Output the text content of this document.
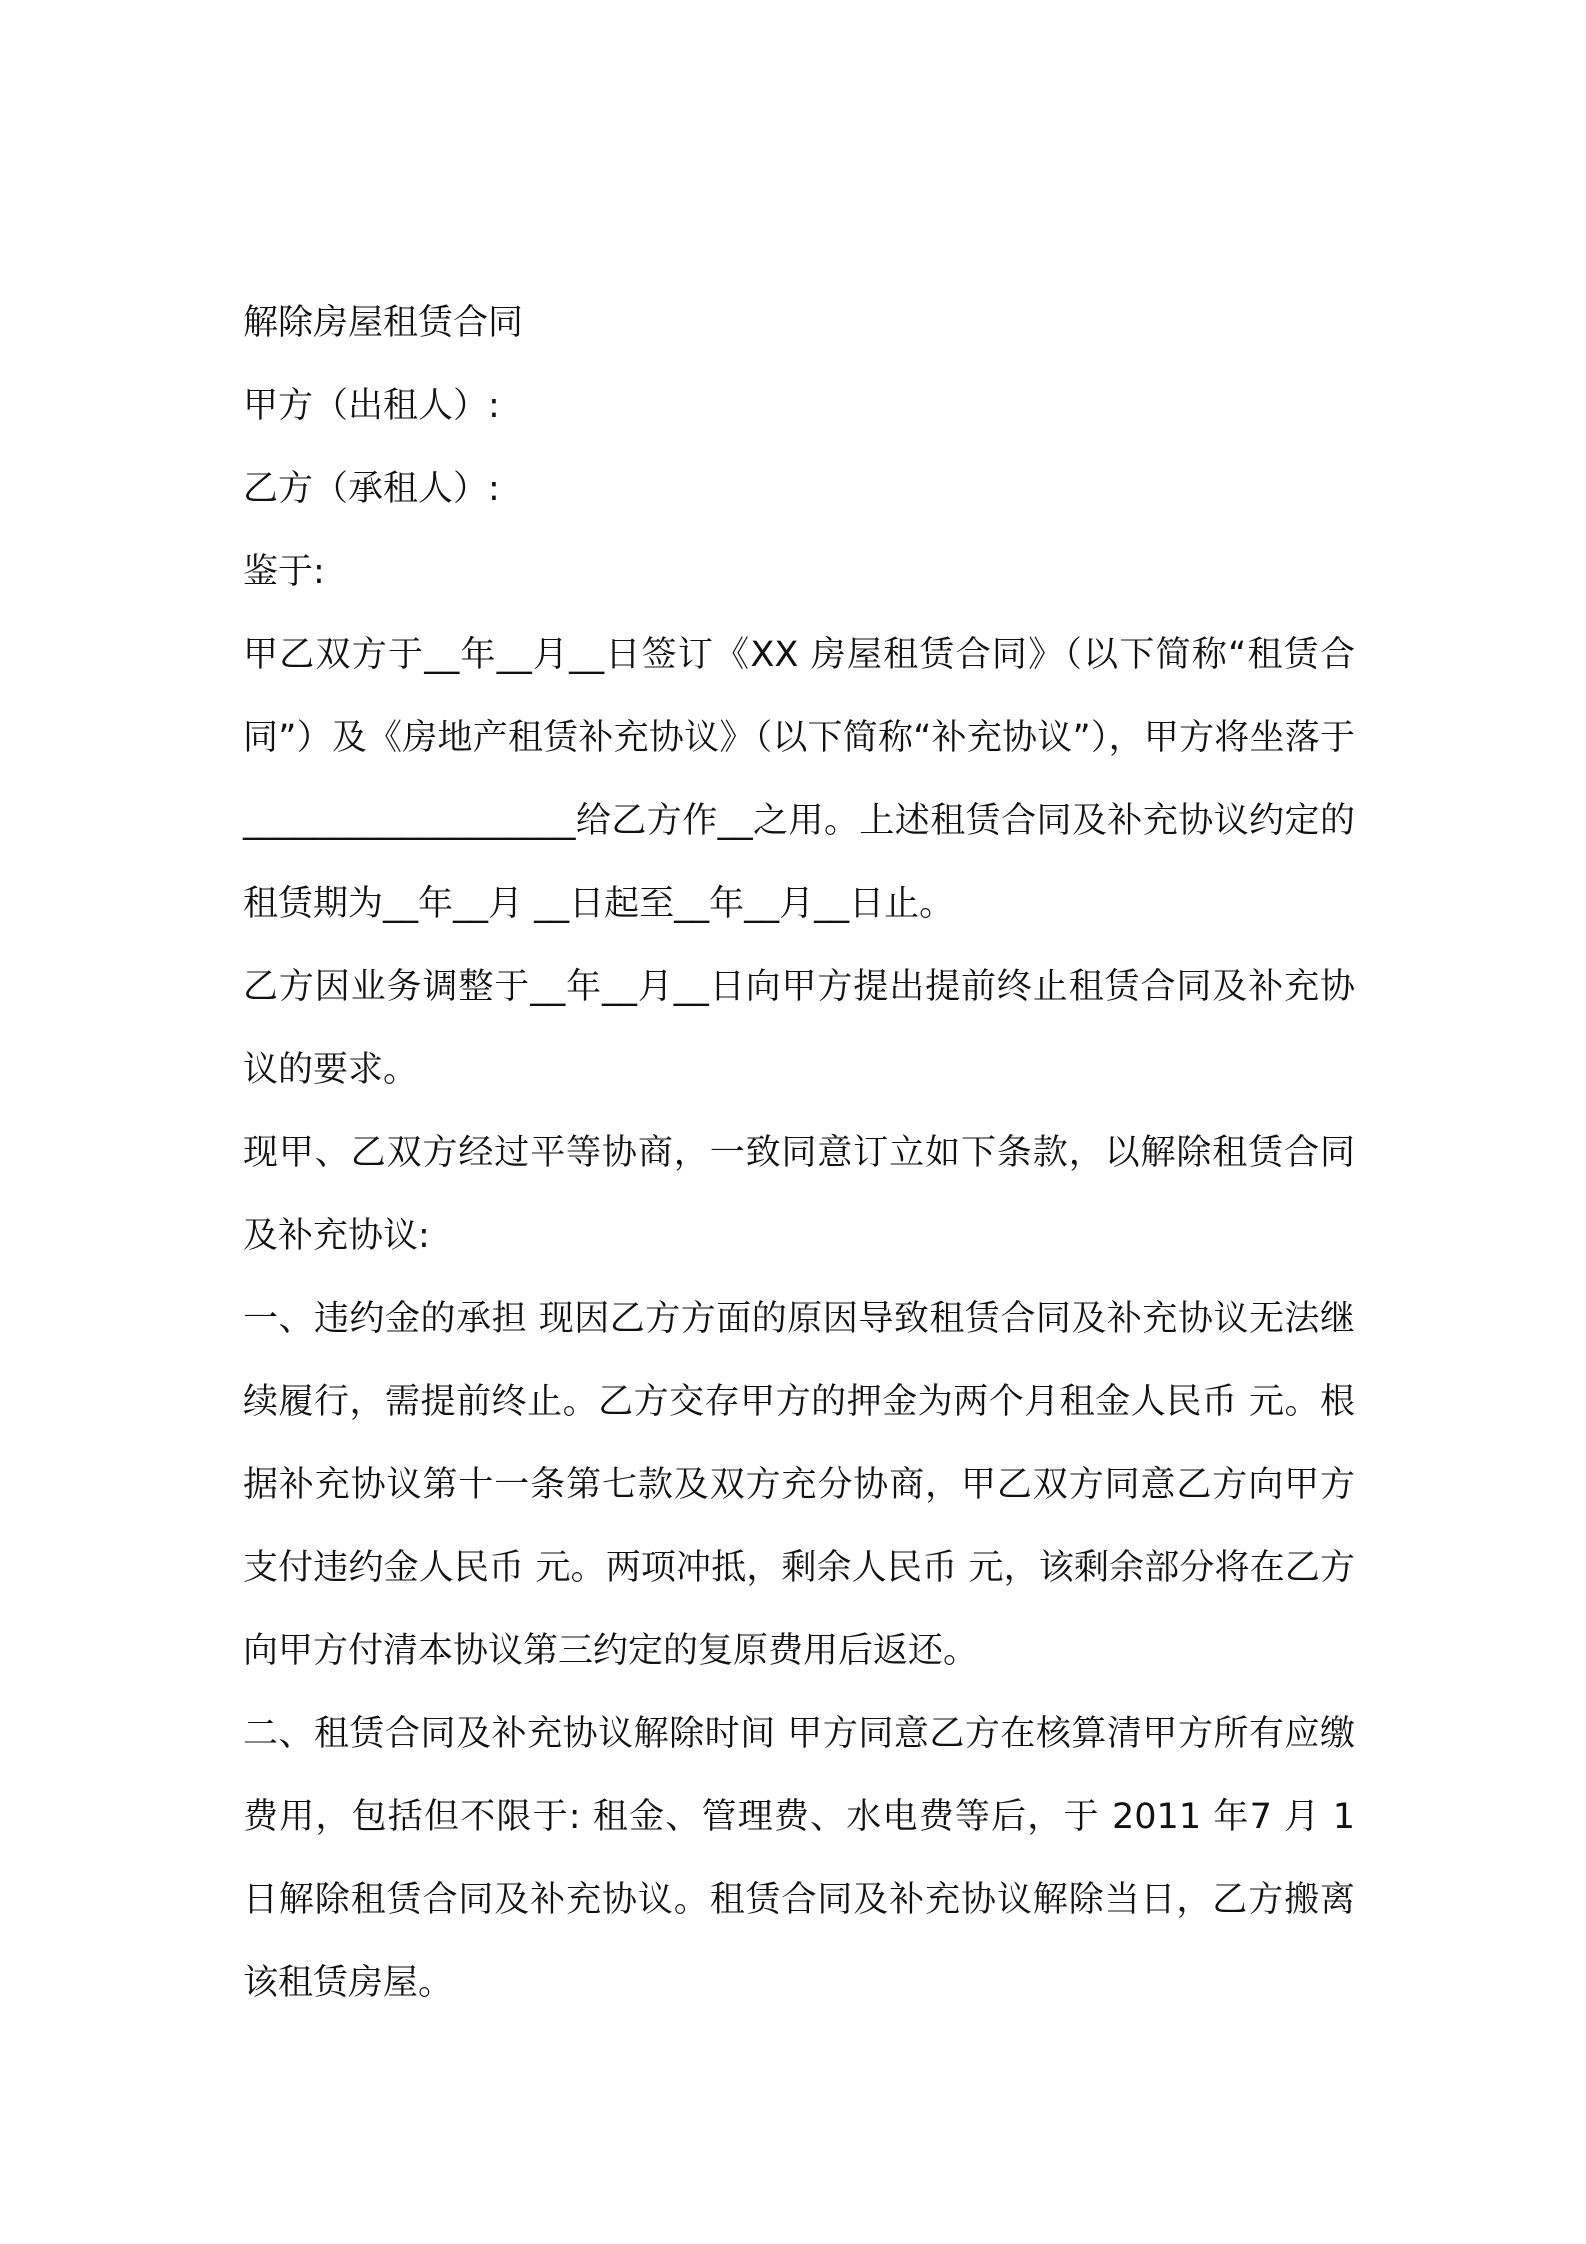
解除房屋租赁合同

甲方（出租人）:

乙方（承租人）:

鉴于:

甲乙双方于__年__月__日签订《XX 房屋租赁合同》（以下简称“租赁合同”）及《房地产租赁补充协议》（以下简称“补充协议”），甲方将坐落于___________________给乙方作__之用。上述租赁合同及补充协议约定的租赁期为__年__月 __日起至__年__月__日止。

乙方因业务调整于__年__月__日向甲方提出提前终止租赁合同及补充协议的要求。

现甲、乙双方经过平等协商，一致同意订立如下条款，以解除租赁合同及补充协议:

一、违约金的承担 现因乙方方面的原因导致租赁合同及补充协议无法继续履行，需提前终止。乙方交存甲方的押金为两个月租金人民币 元。根据补充协议第十一条第七款及双方充分协商，甲乙双方同意乙方向甲方支付违约金人民币 元。两项冲抵，剩余人民币 元，该剩余部分将在乙方向甲方付清本协议第三约定的复原费用后返还。

二、租赁合同及补充协议解除时间 甲方同意乙方在核算清甲方所有应缴费用，包括但不限于: 租金、管理费、水电费等后，于 2011 年7 月 1 日解除租赁合同及补充协议。租赁合同及补充协议解除当日，乙方搬离该租赁房屋。
